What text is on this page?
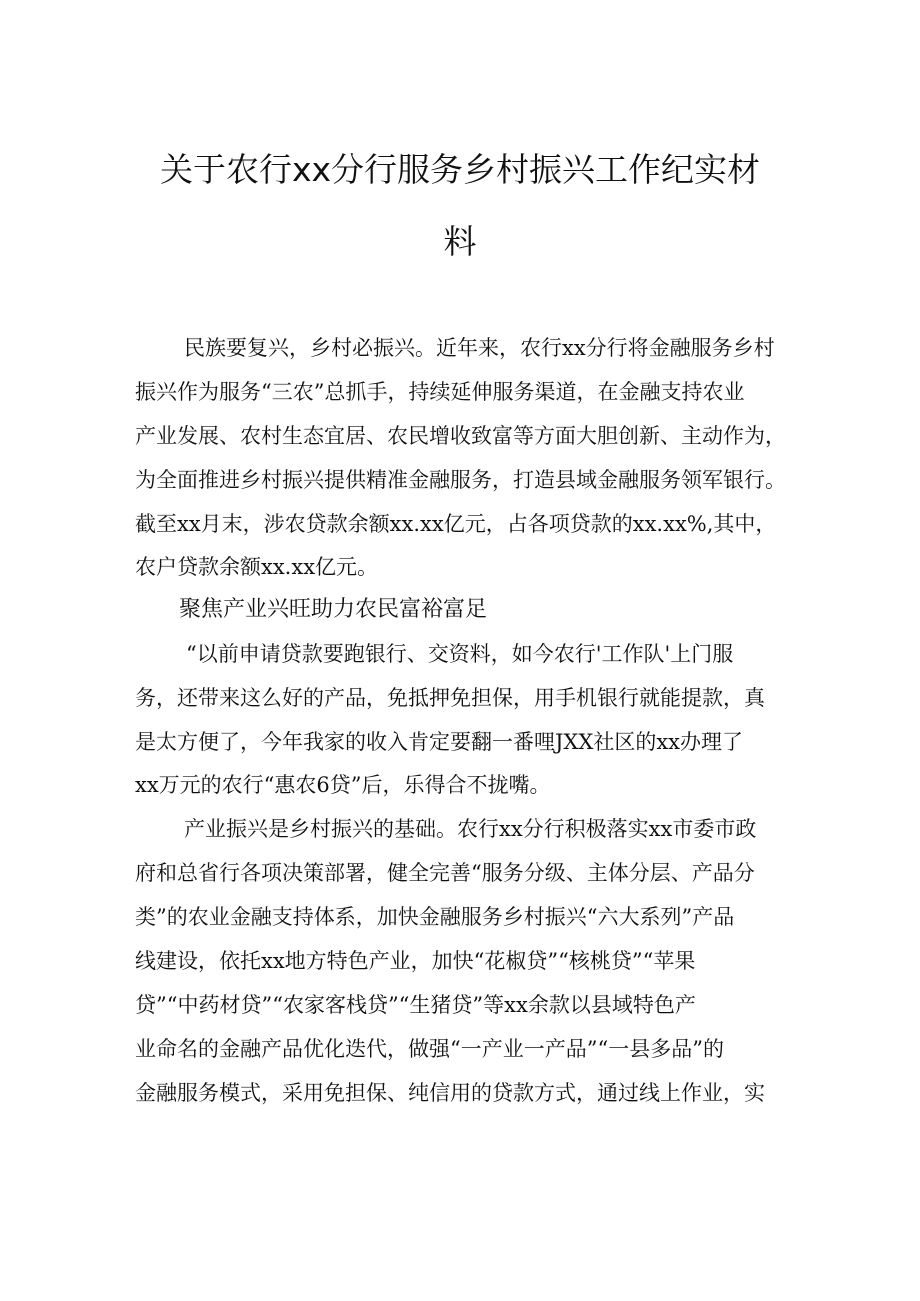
关于农行xx分行服务乡村振兴工作纪实材
料
民族要复兴，乡村必振兴。近年来，农行xx分行将金融服务乡村
振兴作为服务“三农”总抓手，持续延伸服务渠道，在金融支持农业
产业发展、农村生态宜居、农民增收致富等方面大胆创新、主动作为，
为全面推进乡村振兴提供精准金融服务，打造县域金融服务领军银行。
截至xx月末，涉农贷款余额xx.xx亿元，占各项贷款的xx.xx%,其中，
农户贷款余额xx.xx亿元。
聚焦产业兴旺助力农民富裕富足
“以前申请贷款要跑银行、交资料，如今农行'工作队'上门服
务，还带来这么好的产品，免抵押免担保，用手机银行就能提款，真
是太方便了，今年我家的收入肯定要翻一番哩JXX社区的xx办理了
xx万元的农行“惠农6贷”后，乐得合不拢嘴。
产业振兴是乡村振兴的基础。农行xx分行积极落实xx市委市政
府和总省行各项决策部署，健全完善“服务分级、主体分层、产品分
类”的农业金融支持体系，加快金融服务乡村振兴“六大系列”产品
线建设，依托xx地方特色产业，加快“花椒贷”“核桃贷”“苹果
贷”“中药材贷”“农家客栈贷”“生猪贷”等xx余款以县域特色产
业命名的金融产品优化迭代，做强“一产业一产品”“一县多品”的
金融服务模式，采用免担保、纯信用的贷款方式，通过线上作业，实
